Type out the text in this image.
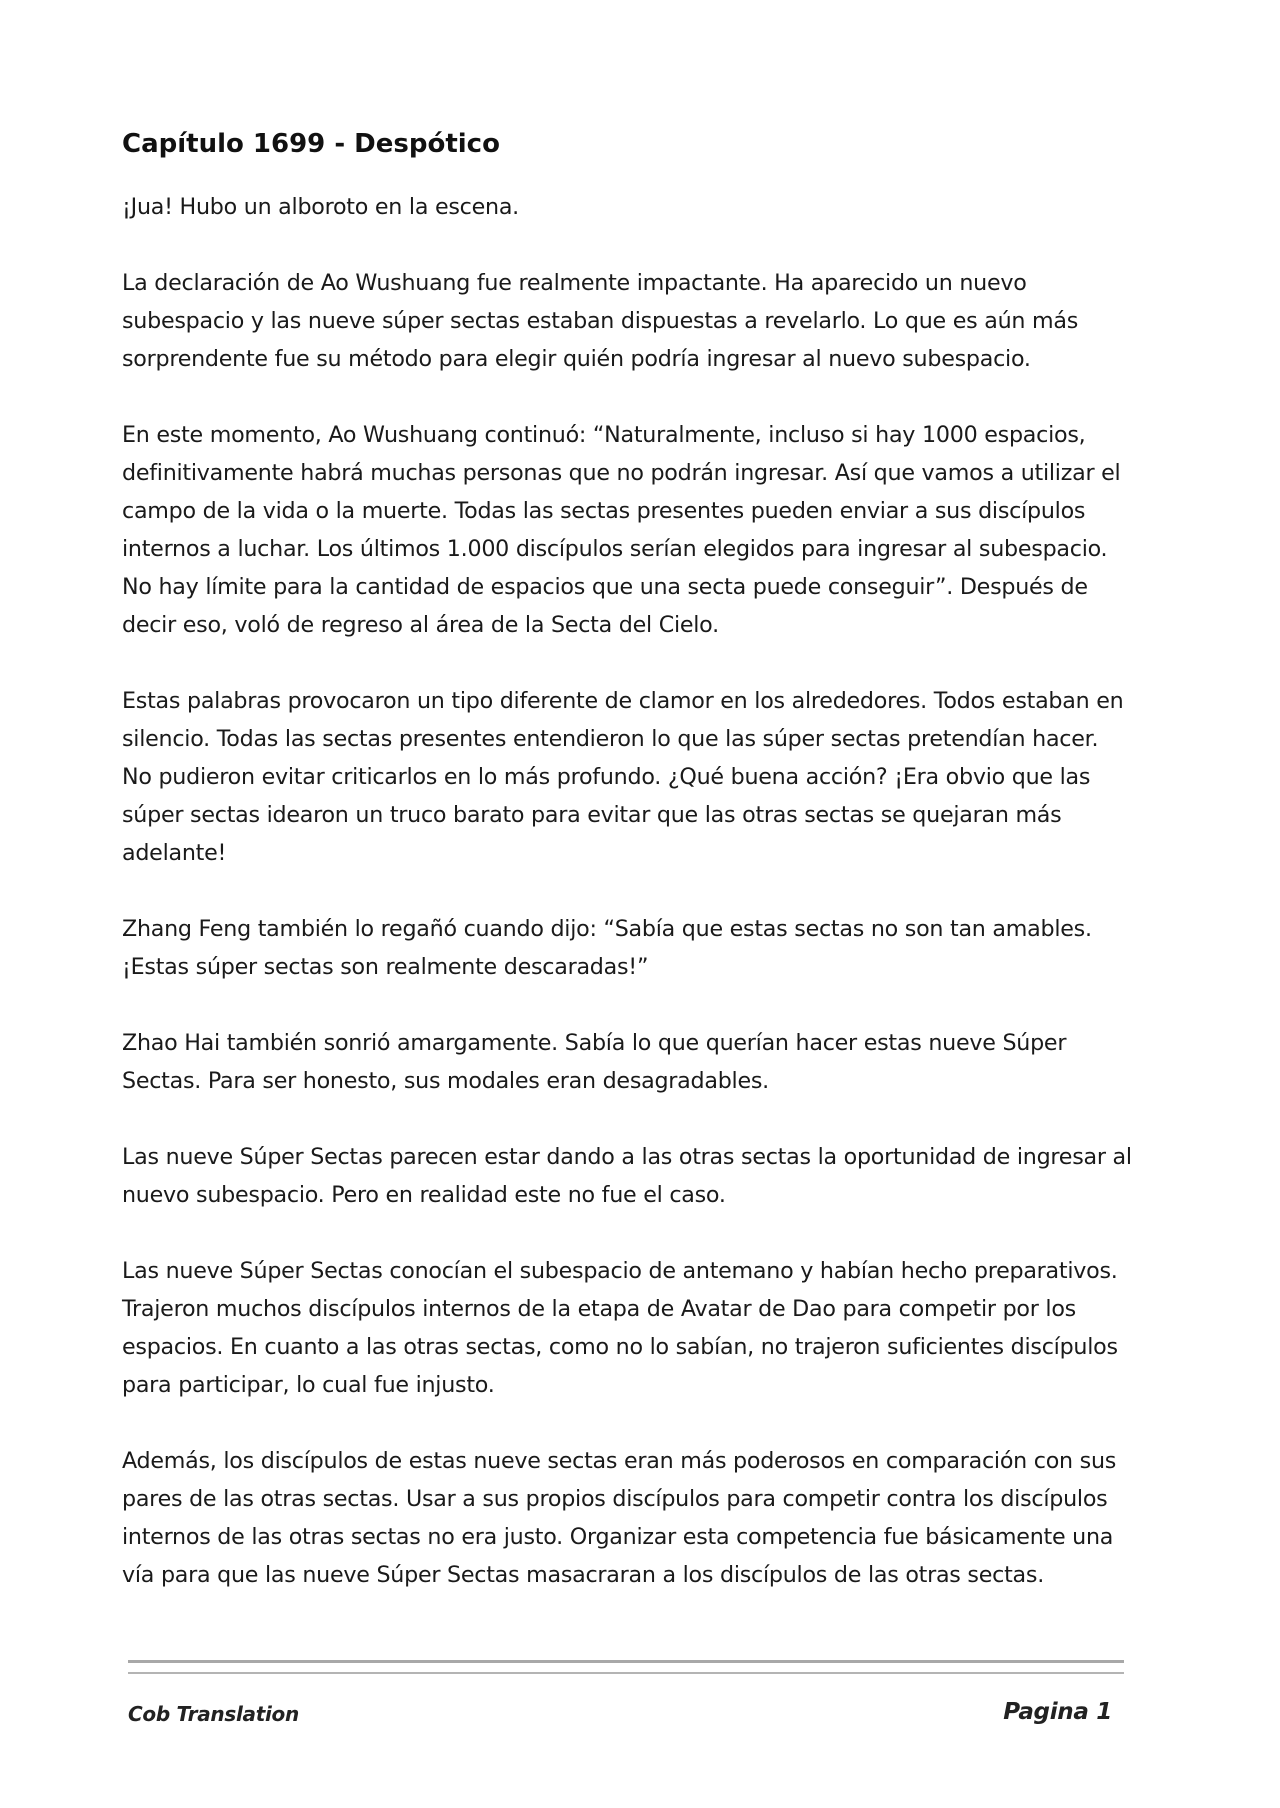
Capítulo 1699 - Despótico

¡Jua! Hubo un alboroto en la escena.

La declaración de Ao Wushuang fue realmente impactante. Ha aparecido un nuevo subespacio y las nueve súper sectas estaban dispuestas a revelarlo. Lo que es aún más sorprendente fue su método para elegir quién podría ingresar al nuevo subespacio.

En este momento, Ao Wushuang continuó: “Naturalmente, incluso si hay 1000 espacios, definitivamente habrá muchas personas que no podrán ingresar. Así que vamos a utilizar el campo de la vida o la muerte. Todas las sectas presentes pueden enviar a sus discípulos internos a luchar. Los últimos 1.000 discípulos serían elegidos para ingresar al subespacio. No hay límite para la cantidad de espacios que una secta puede conseguir”. Después de decir eso, voló de regreso al área de la Secta del Cielo.

Estas palabras provocaron un tipo diferente de clamor en los alrededores. Todos estaban en silencio. Todas las sectas presentes entendieron lo que las súper sectas pretendían hacer. No pudieron evitar criticarlos en lo más profundo. ¿Qué buena acción? ¡Era obvio que las súper sectas idearon un truco barato para evitar que las otras sectas se quejaran más adelante!

Zhang Feng también lo regañó cuando dijo: “Sabía que estas sectas no son tan amables. ¡Estas súper sectas son realmente descaradas!”

Zhao Hai también sonrió amargamente. Sabía lo que querían hacer estas nueve Súper Sectas. Para ser honesto, sus modales eran desagradables.

Las nueve Súper Sectas parecen estar dando a las otras sectas la oportunidad de ingresar al nuevo subespacio. Pero en realidad este no fue el caso.

Las nueve Súper Sectas conocían el subespacio de antemano y habían hecho preparativos. Trajeron muchos discípulos internos de la etapa de Avatar de Dao para competir por los espacios. En cuanto a las otras sectas, como no lo sabían, no trajeron suficientes discípulos para participar, lo cual fue injusto.

Además, los discípulos de estas nueve sectas eran más poderosos en comparación con sus pares de las otras sectas. Usar a sus propios discípulos para competir contra los discípulos internos de las otras sectas no era justo. Organizar esta competencia fue básicamente una vía para que las nueve Súper Sectas masacraran a los discípulos de las otras sectas.

Cob Translation	Pagina 1
